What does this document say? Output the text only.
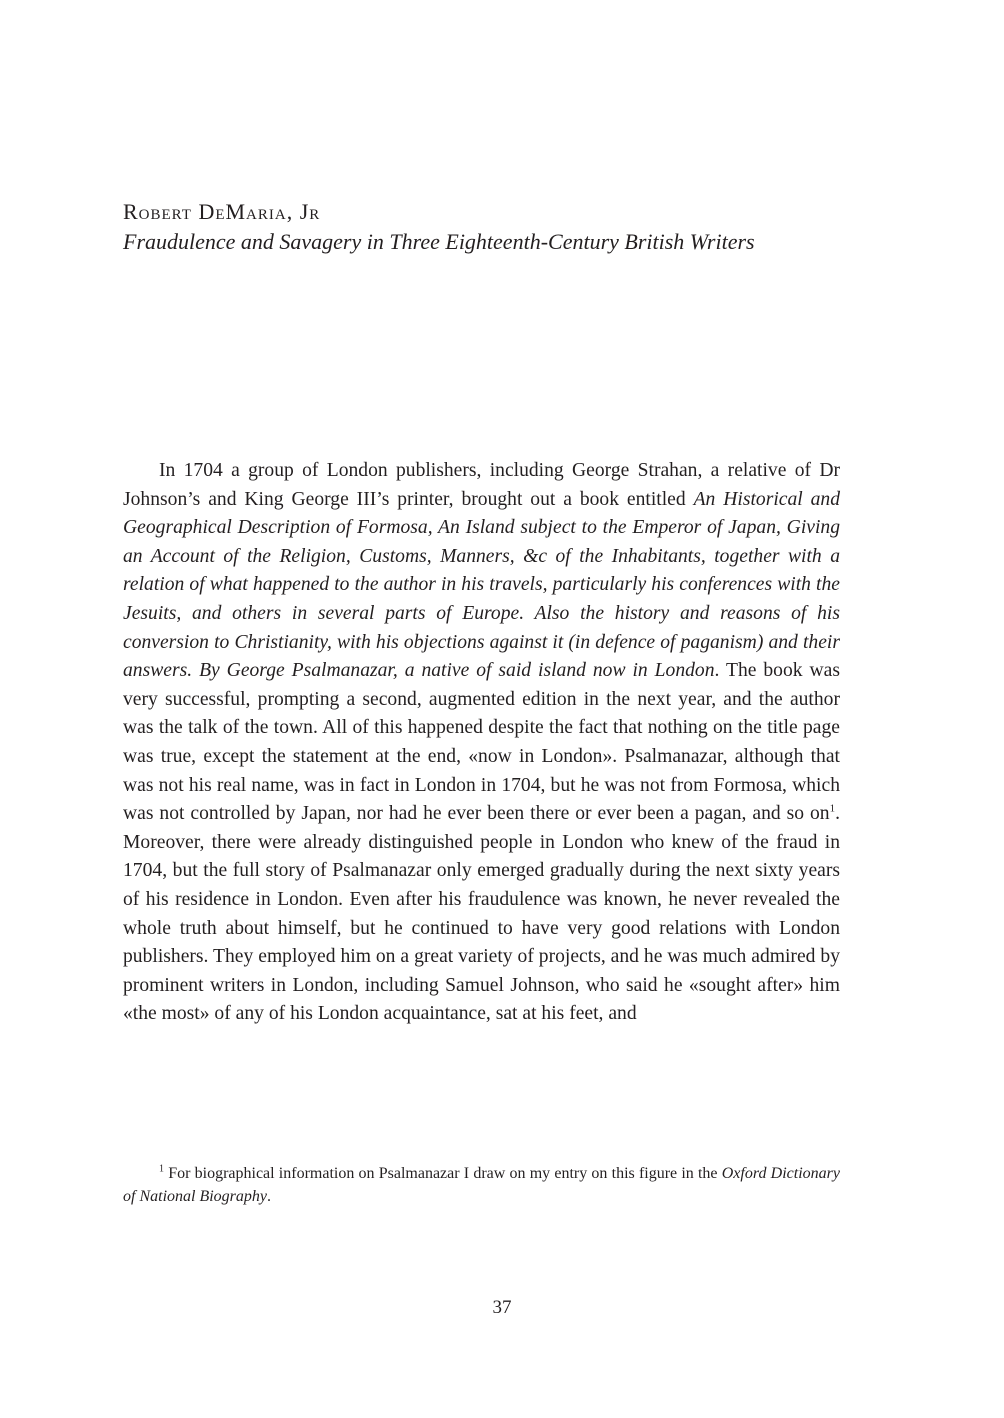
Robert DeMaria, Jr
Fraudulence and Savagery in Three Eighteenth-Century British Writers

In 1704 a group of London publishers, including George Strahan, a relative of Dr Johnson’s and King George III’s printer, brought out a book entitled An Historical and Geographical Description of Formosa, An Island subject to the Emperor of Japan, Giving an Account of the Religion, Customs, Manners, &c of the Inhabitants, together with a relation of what happened to the author in his travels, particularly his conferences with the Jesuits, and others in several parts of Europe. Also the history and reasons of his conversion to Christianity, with his objections against it (in defence of paganism) and their answers. By George Psalmanazar, a native of said island now in London. The book was very successful, prompting a second, augmented edition in the next year, and the author was the talk of the town. All of this happened despite the fact that nothing on the title page was true, except the statement at the end, «now in London». Psalmanazar, although that was not his real name, was in fact in London in 1704, but he was not from Formosa, which was not controlled by Japan, nor had he ever been there or ever been a pagan, and so $on^1$. Moreover, there were already distinguished people in London who knew of the fraud in 1704, but the full story of Psalmanazar only emerged gradually during the next sixty years of his residence in London. Even after his fraudulence was known, he never revealed the whole truth about himself, but he continued to have very good relations with London publishers. They employed him on a great variety of projects, and he was much admired by prominent writers in London, including Samuel Johnson, who said he «sought after» him «the most» of any of his London acquaintance, sat at his feet, and

$^1$ For biographical information on Psalmanazar I draw on my entry on this figure in the Oxford Dictionary of National Biography.

37
